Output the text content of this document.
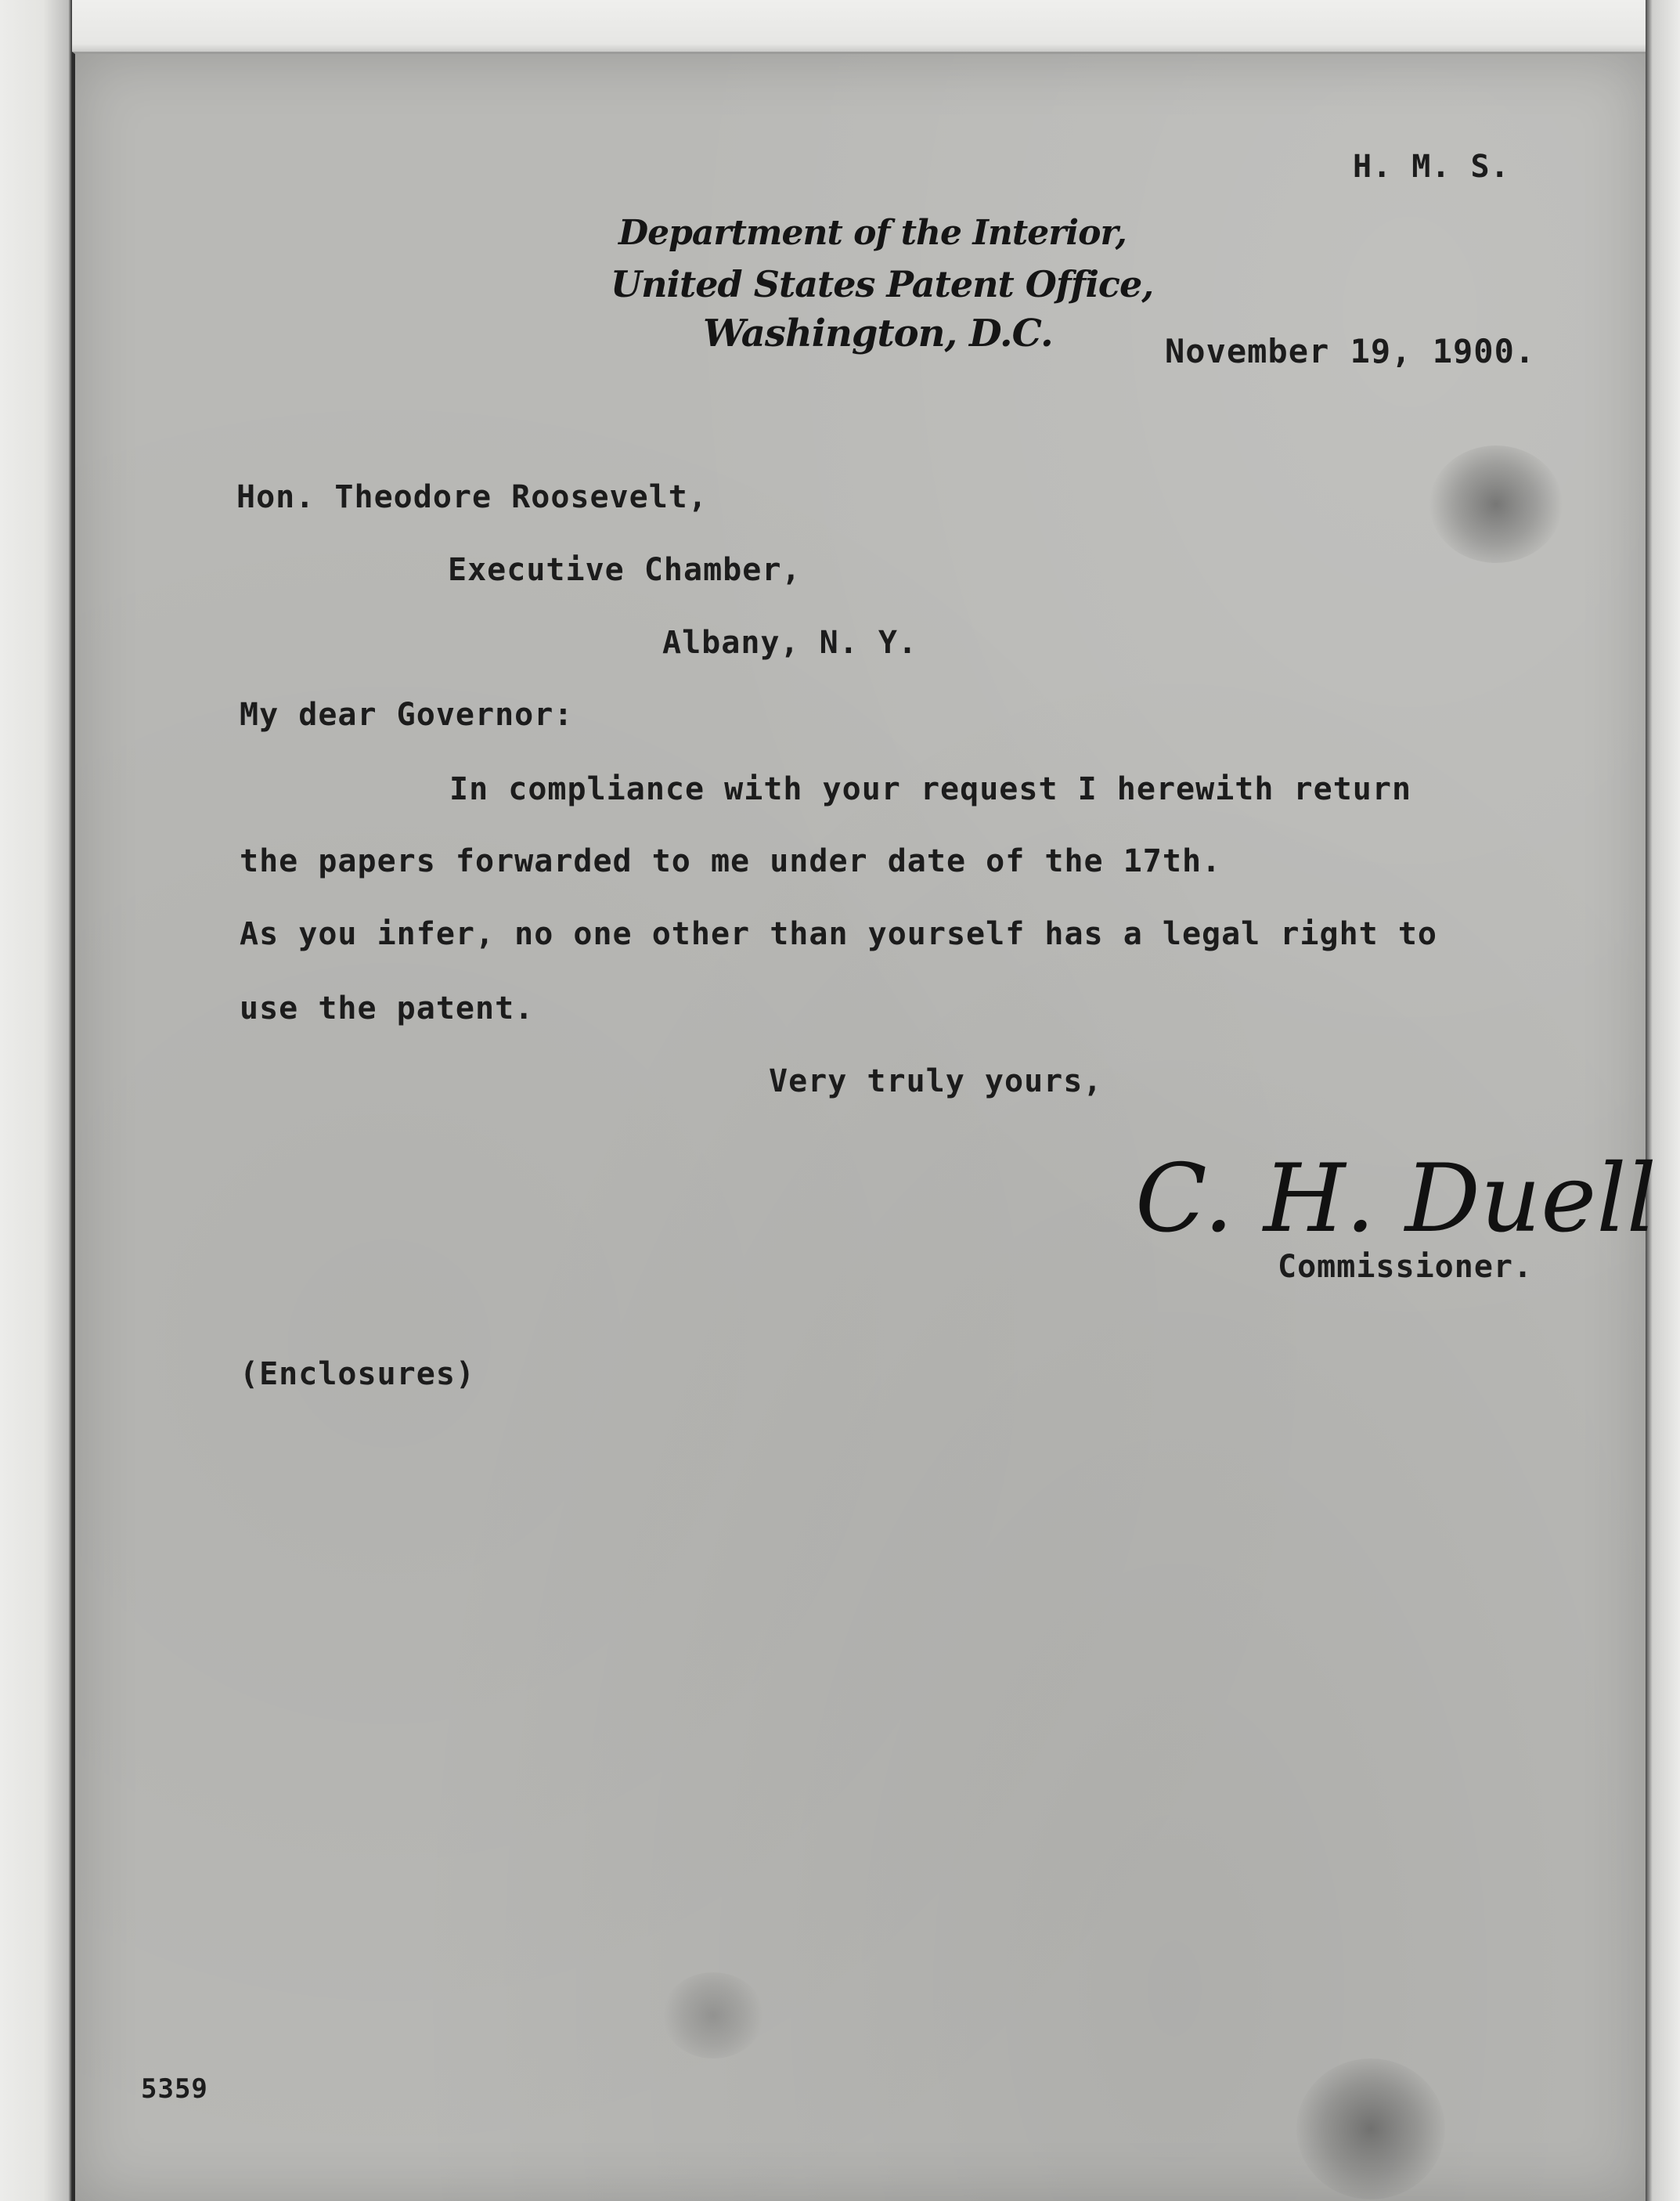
H. M. S.
Department of the Interior,
United States Patent Office,
Washington, D.C.	November 19, 1900.
Hon. Theodore Roosevelt,
Executive Chamber,
Albany, N. Y.
My dear Governor:
In compliance with your request I herewith return
the papers forwarded to me under date of the 17th.
As you infer, no one other than yourself has a legal right to
use the patent.
Very truly yours,
C. H. Duell
Commissioner.
(Enclosures)
5359
